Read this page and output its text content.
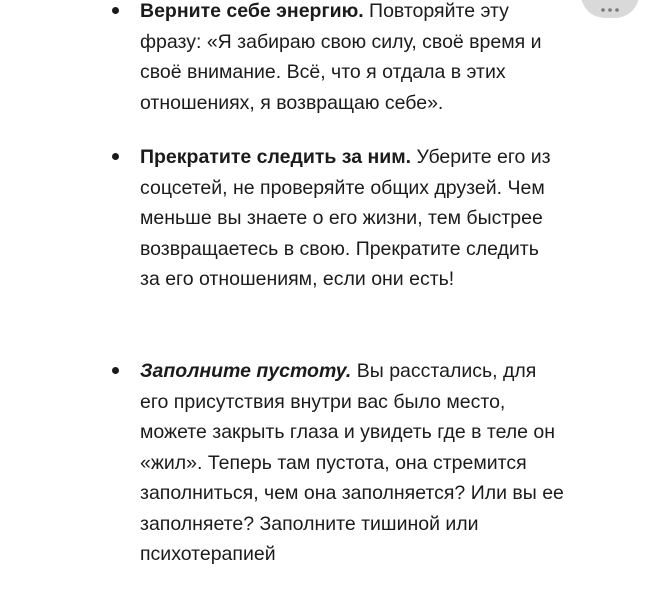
Верните себе энергию. Повторяйте эту фразу: «Я забираю свою силу, своё время и своё внимание. Всё, что я отдала в этих отношениях, я возвращаю себе».

Прекратите следить за ним. Уберите его из соцсетей, не проверяйте общих друзей. Чем меньше вы знаете о его жизни, тем быстрее возвращаетесь в свою. Прекратите следить за его отношениям, если они есть!

Заполните пустоту. Вы расстались, для его присутствия внутри вас было место, можете закрыть глаза и увидеть где в теле он «жил». Теперь там пустота, она стремится заполниться, чем она заполняется? Или вы ее заполняете? Заполните тишиной или психотерапией
